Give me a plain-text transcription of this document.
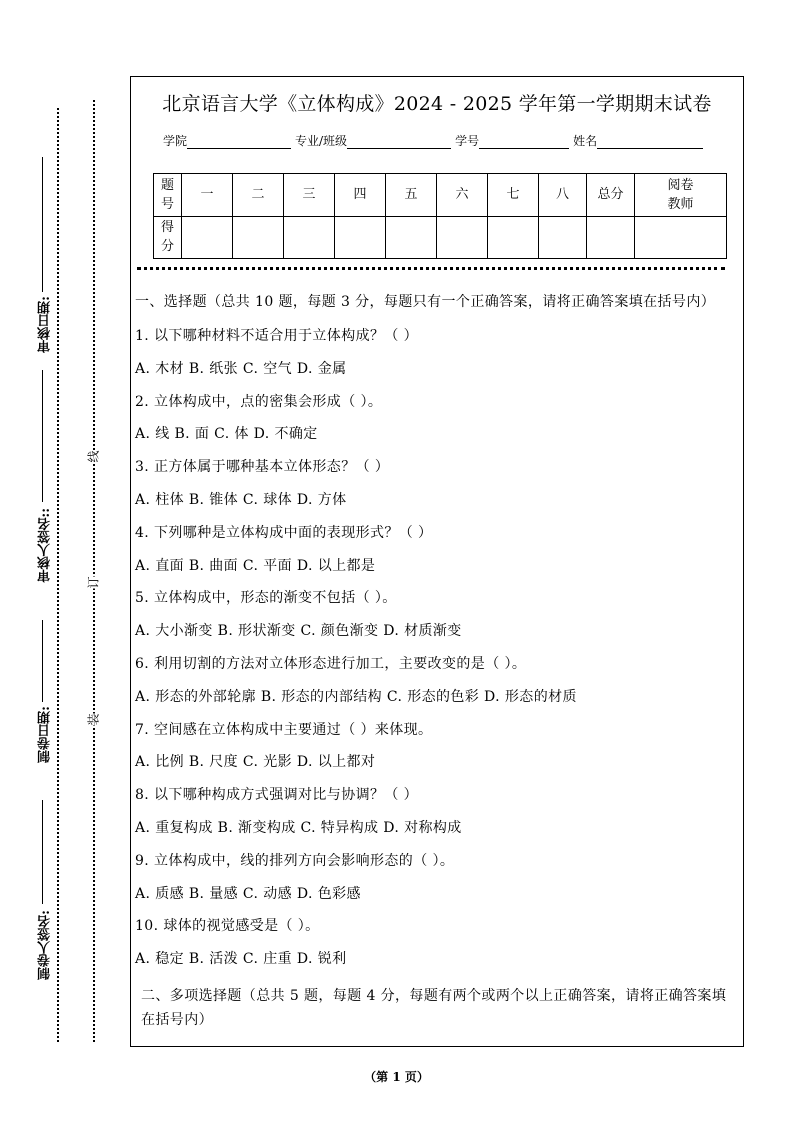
审核日期:
审核人签名::
制卷日期:
制卷人签名:
线
订
装
北京语言大学《立体构成》2024 - 2025 学年第一学期期末试卷
学院	专业/班级	学号	姓名
题
号	一	二	三	四	五	六	七	八	总分	阅卷
教师
得
分										
一、选择题（总共 10 题，每题 3 分，每题只有一个正确答案，请将正确答案填在括号内）
1. 以下哪种材料不适合用于立体构成？（ ）
A. 木材 B. 纸张 C. 空气 D. 金属
2. 立体构成中，点的密集会形成（ ）。
A. 线 B. 面 C. 体 D. 不确定
3. 正方体属于哪种基本立体形态？（ ）
A. 柱体 B. 锥体 C. 球体 D. 方体
4. 下列哪种是立体构成中面的表现形式？（ ）
A. 直面 B. 曲面 C. 平面 D. 以上都是
5. 立体构成中，形态的渐变不包括（ ）。
A. 大小渐变 B. 形状渐变 C. 颜色渐变 D. 材质渐变
6. 利用切割的方法对立体形态进行加工，主要改变的是（ ）。
A. 形态的外部轮廓 B. 形态的内部结构 C. 形态的色彩 D. 形态的材质
7. 空间感在立体构成中主要通过（ ）来体现。
A. 比例 B. 尺度 C. 光影 D. 以上都对
8. 以下哪种构成方式强调对比与协调？（ ）
A. 重复构成 B. 渐变构成 C. 特异构成 D. 对称构成
9. 立体构成中，线的排列方向会影响形态的（ ）。
A. 质感 B. 量感 C. 动感 D. 色彩感
10. 球体的视觉感受是（ ）。
A. 稳定 B. 活泼 C. 庄重 D. 锐利
二、多项选择题（总共 5 题，每题 4 分，每题有两个或两个以上正确答案，请将正确答案填在括号内）
（第 1 页）
